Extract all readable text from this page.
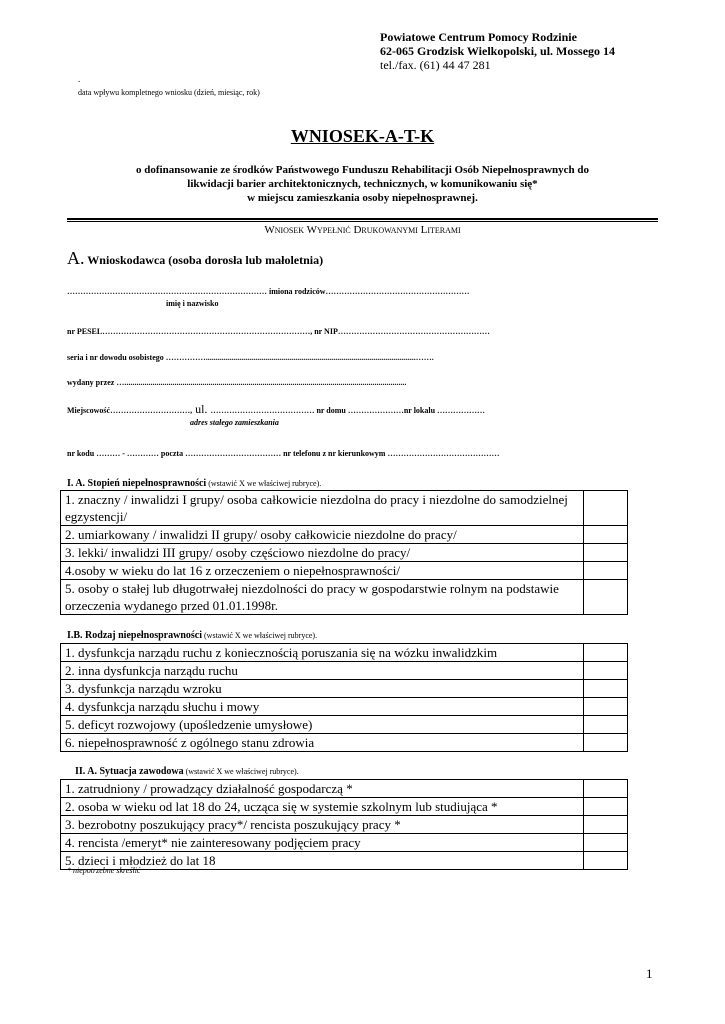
Powiatowe Centrum Pomocy Rodzinie
62-065 Grodzisk Wielkopolski, ul. Mossego 14
tel./fax. (61) 44 47 281
.
data wpływu kompletnego wniosku (dzień, miesiąc, rok)
WNIOSEK-A-T-K
o dofinansowanie ze środków Państwowego Funduszu Rehabilitacji Osób Niepełnosprawnych do
likwidacji barier architektonicznych, technicznych, w komunikowaniu się*
w miejscu zamieszkania osoby niepełnosprawnej.
Wniosek Wypełnić Drukowanymi Literami
A. Wnioskodawca (osoba dorosła lub małoletnia)
………………………………………………………………… imiona rodziców………………………………………………
imię i nazwisko
nr PESEL……………………………………………………………………, nr NIP…………………………………………………
seria i nr dowodu osobistego …………….........................................................................................................…….
wydany przez ….............................................................................................................................................
Miejscowość…………………………, ul. ………………………………… nr domu …………………nr lokalu ………………
adres stałego zamieszkania
nr kodu ……… - ………… poczta ……………………………… nr telefonu z nr kierunkowym ……………………………………
I. A. Stopień niepełnosprawności (wstawić X we właściwej rubryce).
1. znaczny / inwalidzi I grupy/ osoba całkowicie niezdolna do pracy i niezdolne do samodzielnej egzystencji/	
2. umiarkowany / inwalidzi II grupy/ osoby całkowicie niezdolne do pracy/	
3. lekki/ inwalidzi III grupy/ osoby częściowo niezdolne do pracy/	
4.osoby w wieku do lat 16 z orzeczeniem o niepełnosprawności/	
5. osoby o stałej lub długotrwałej niezdolności do pracy w gospodarstwie rolnym na podstawie orzeczenia wydanego przed 01.01.1998r.	
I.B. Rodzaj niepełnosprawności (wstawić X we właściwej rubryce).
1. dysfunkcja narządu ruchu z koniecznością poruszania się na wózku inwalidzkim	
2. inna dysfunkcja narządu ruchu	
3. dysfunkcja narządu wzroku	
4. dysfunkcja narządu słuchu i mowy	
5. deficyt rozwojowy (upośledzenie umysłowe)	
6. niepełnosprawność z ogólnego stanu zdrowia	
II. A. Sytuacja zawodowa (wstawić X we właściwej rubryce).
1. zatrudniony / prowadzący działalność gospodarczą *	
2. osoba w wieku od lat 18 do 24, ucząca się w systemie szkolnym lub studiująca *	
3. bezrobotny poszukujący pracy*/ rencista poszukujący pracy *	
4. rencista /emeryt* nie zainteresowany podjęciem pracy	
5. dzieci i młodzież do lat 18	
* niepotrzebne skreślić
1
